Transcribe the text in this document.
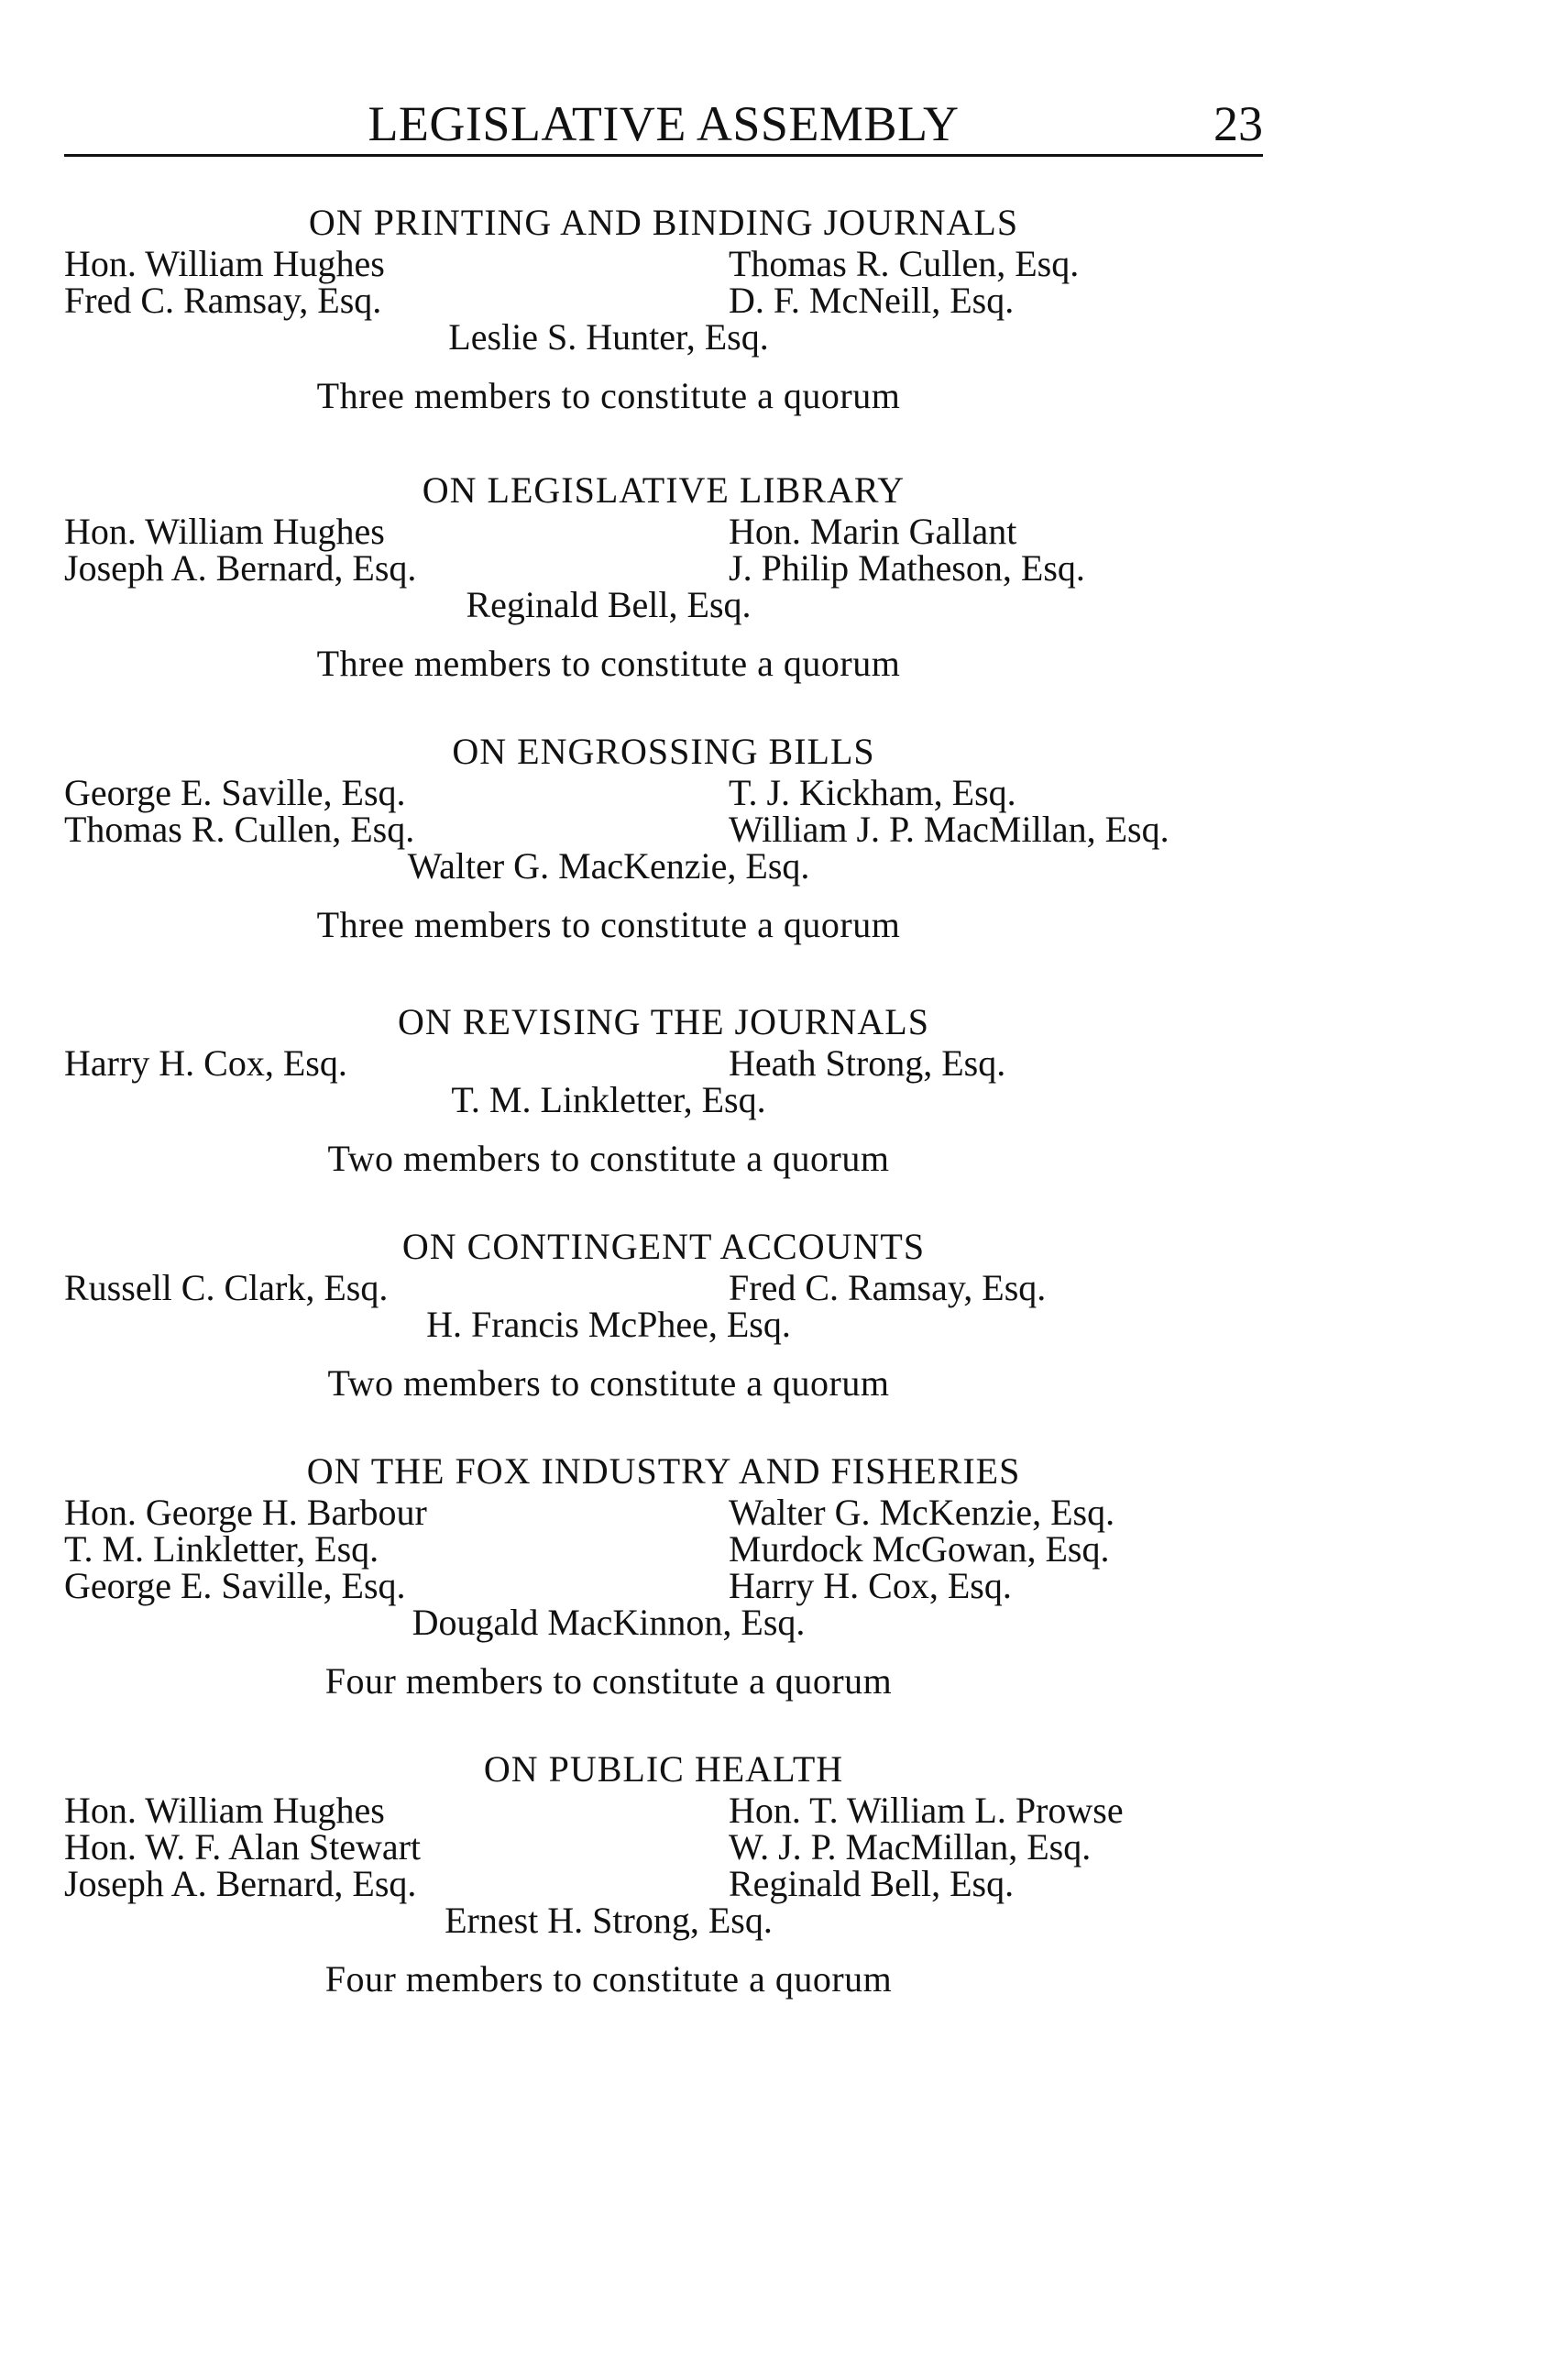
LEGISLATIVE ASSEMBLY	23
ON PRINTING AND BINDING JOURNALS
Hon. William Hughes	Thomas R. Cullen, Esq.
Fred C. Ramsay, Esq.	D. F. McNeill, Esq.
Leslie S. Hunter, Esq.
Three members to constitute a quorum
ON LEGISLATIVE LIBRARY
Hon. William Hughes	Hon. Marin Gallant
Joseph A. Bernard, Esq.	J. Philip Matheson, Esq.
Reginald Bell, Esq.
Three members to constitute a quorum
ON ENGROSSING BILLS
George E. Saville, Esq.	T. J. Kickham, Esq.
Thomas R. Cullen, Esq.	William J. P. MacMillan, Esq.
Walter G. MacKenzie, Esq.
Three members to constitute a quorum
ON REVISING THE JOURNALS
Harry H. Cox, Esq.	Heath Strong, Esq.
T. M. Linkletter, Esq.
Two members to constitute a quorum
ON CONTINGENT ACCOUNTS
Russell C. Clark, Esq.	Fred C. Ramsay, Esq.
H. Francis McPhee, Esq.
Two members to constitute a quorum
ON THE FOX INDUSTRY AND FISHERIES
Hon. George H. Barbour	Walter G. McKenzie, Esq.
T. M. Linkletter, Esq.	Murdock McGowan, Esq.
George E. Saville, Esq.	Harry H. Cox, Esq.
Dougald MacKinnon, Esq.
Four members to constitute a quorum
ON PUBLIC HEALTH
Hon. William Hughes	Hon. T. William L. Prowse
Hon. W. F. Alan Stewart	W. J. P. MacMillan, Esq.
Joseph A. Bernard, Esq.	Reginald Bell, Esq.
Ernest H. Strong, Esq.
Four members to constitute a quorum
